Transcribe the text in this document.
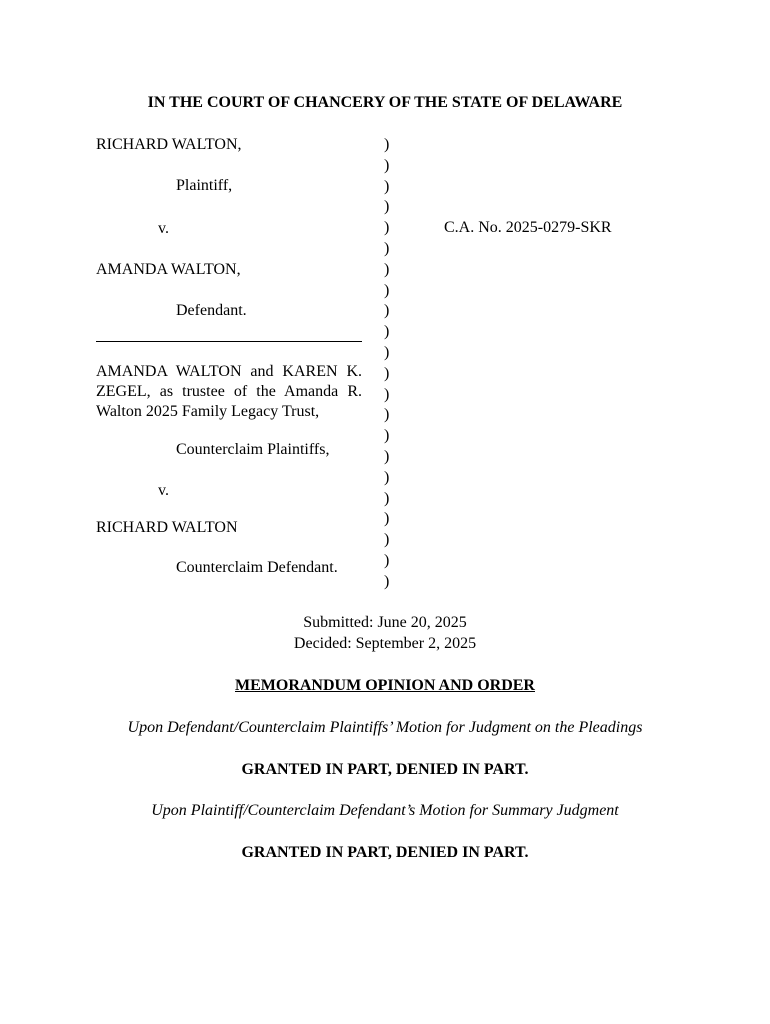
IN THE COURT OF CHANCERY OF THE STATE OF DELAWARE
RICHARD WALTON,
Plaintiff,
v.
AMANDA WALTON,
Defendant.
AMANDA WALTON and KAREN K. ZEGEL, as trustee of the Amanda R. Walton 2025 Family Legacy Trust,
Counterclaim Plaintiffs,
v.
RICHARD WALTON
Counterclaim Defendant.
)
)
)
)
)
)
)
)
)
)
)
)
)
)
)
)
)
)
)
)
)
)
C.A. No. 2025-0279-SKR
Submitted: June 20, 2025
Decided: September 2, 2025
MEMORANDUM OPINION AND ORDER
Upon Defendant/Counterclaim Plaintiffs’ Motion for Judgment on the Pleadings
GRANTED IN PART, DENIED IN PART.
Upon Plaintiff/Counterclaim Defendant’s Motion for Summary Judgment
GRANTED IN PART, DENIED IN PART.
